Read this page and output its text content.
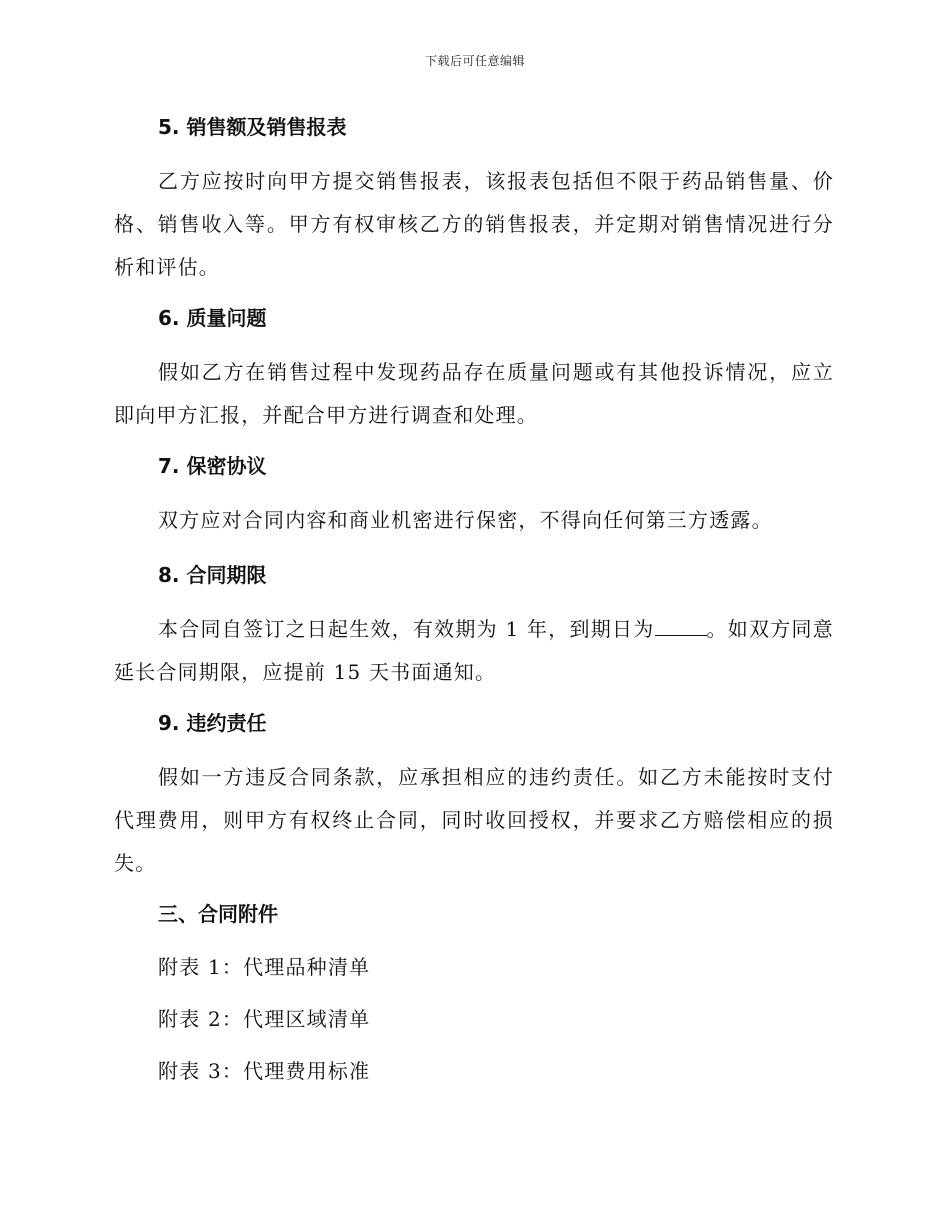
下载后可任意编辑
5. 销售额及销售报表

乙方应按时向甲方提交销售报表，该报表包括但不限于药品销售量、价格、销售收入等。甲方有权审核乙方的销售报表，并定期对销售情况进行分析和评估。

6. 质量问题

假如乙方在销售过程中发现药品存在质量问题或有其他投诉情况，应立即向甲方汇报，并配合甲方进行调查和处理。

7. 保密协议

双方应对合同内容和商业机密进行保密，不得向任何第三方透露。

8. 合同期限

本合同自签订之日起生效，有效期为 1 年，到期日为	。如双方同意延长合同期限，应提前 15 天书面通知。

9. 违约责任

假如一方违反合同条款，应承担相应的违约责任。如乙方未能按时支付代理费用，则甲方有权终止合同，同时收回授权，并要求乙方赔偿相应的损失。

三、合同附件
附表 1：代理品种清单
附表 2：代理区域清单
附表 3：代理费用标准
